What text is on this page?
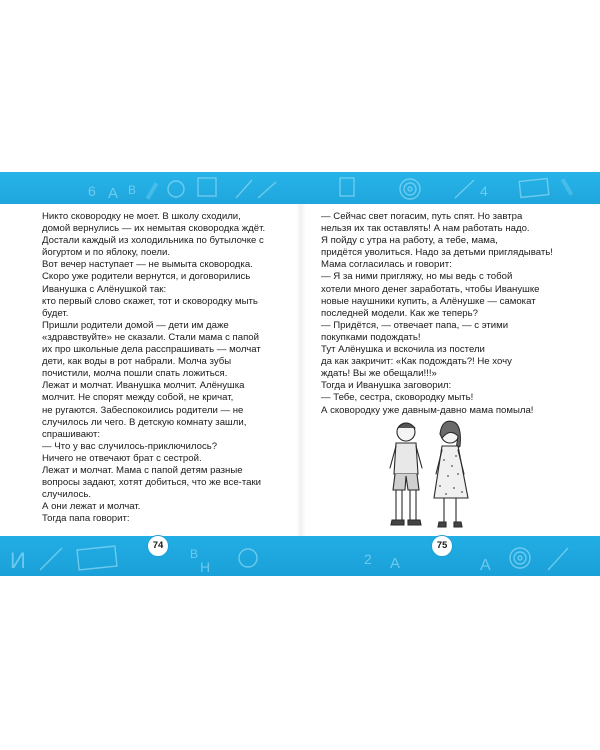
6 А В	4
И	В
Н	2 А	А

Никто сковородку не моет. В школу сходили,

домой вернулись — их немытая сковородка ждёт.

Достали каждый из холодильника по бутылочке с

йогуртом и по яблоку, поели.

Вот вечер наступает — не вымыта сковородка.

Скоро уже родители вернутся, и договорились

Иванушка с Алёнушкой так:

кто первый слово скажет, тот и сковородку мыть

будет.

Пришли родители домой — дети им даже

«здравствуйте» не сказали. Стали мама с папой

их про школьные дела расспрашивать — молчат

дети, как воды в рот набрали. Молча зубы

почистили, молча пошли спать ложиться.

Лежат и молчат. Иванушка молчит. Алёнушка

молчит. Не спорят между собой, не кричат,

не ругаются. Забеспокоились родители — не

случилось ли чего. В детскую комнату зашли,

спрашивают:

— Что у вас случилось-приключилось?

Ничего не отвечают брат с сестрой.

Лежат и молчат. Мама с папой детям разные

вопросы задают, хотят добиться, что же все-таки

случилось.

А они лежат и молчат.

Тогда папа говорит:

— Сейчас свет погасим, путь спят. Но завтра

нельзя их так оставлять! А нам работать надо.

Я пойду с утра на работу, а тебе, мама,

придётся уволиться. Надо за детьми приглядывать!

Мама согласилась и говорит:

— Я за ними пригляжу, но мы ведь с тобой

хотели много денег заработать, чтобы Иванушке

новые наушники купить, а Алёнушке — самокат

последней модели. Как же теперь?

— Придётся, — отвечает папа, — с этими

покупками подождать!

Тут Алёнушка и вскочила из постели

да как закричит: «Как подождать?! Не хочу

ждать! Вы же обещали!!!»

Тогда и Иванушка заговорил:

— Тебе, сестра, сковородку мыть!

А сковородку уже давным-давно мама помыла!

74	75
